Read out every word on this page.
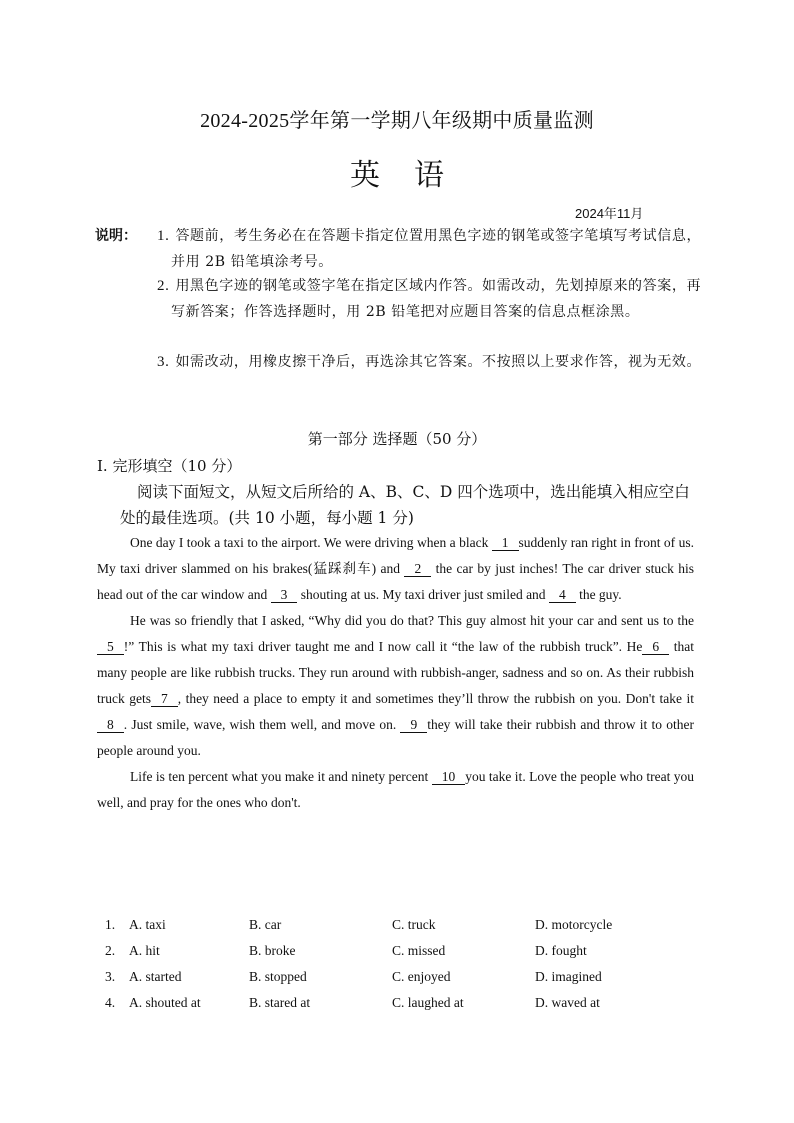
2024-2025学年第一学期八年级期中质量监测
英语
2024年11月
说明： 1. 答题前，考生务必在在答题卡指定位置用黑色字迹的钢笔或签字笔填写考试信息，并用 2B 铅笔填涂考号。
2. 用黑色字迹的钢笔或签字笔在指定区域内作答。如需改动，先划掉原来的答案，再写新答案；作答选择题时，用 2B 铅笔把对应题目答案的信息点框涂黑。
3. 如需改动，用橡皮擦干净后，再选涂其它答案。不按照以上要求作答，视为无效。
第一部分 选择题（50 分）
I. 完形填空（10 分）
阅读下面短文，从短文后所给的 A、B、C、D 四个选项中，选出能填入相应空白处的最佳选项。(共 10 小题，每小题 1 分)

One day I took a taxi to the airport. We were driving when a black 1 suddenly ran right in front of us. My taxi driver slammed on his brakes(猛踩刹车) and 2 the car by just inches! The car driver stuck his head out of the car window and 3 shouting at us. My taxi driver just smiled and 4 the guy.

He was so friendly that I asked, “Why did you do that? This guy almost hit your car and sent us to the 5 !” This is what my taxi driver taught me and I now call it “the law of the rubbish truck”. He 6 that many people are like rubbish trucks. They run around with rubbish-anger, sadness and so on. As their rubbish truck gets 7 , they need a place to empty it and sometimes they’ll throw the rubbish on you. Don't take it 8 . Just smile, wave, wish them well, and move on. 9 they will take their rubbish and throw it to other people around you.

Life is ten percent what you make it and ninety percent 10 you take it. Love the people who treat you well, and pray for the ones who don't.

1. A. taxi	B. car	C. truck	D. motorcycle
2. A. hit	B. broke	C. missed	D. fought
3. A. started	B. stopped	C. enjoyed	D. imagined
4. A. shouted at	B. stared at	C. laughed at	D. waved at
